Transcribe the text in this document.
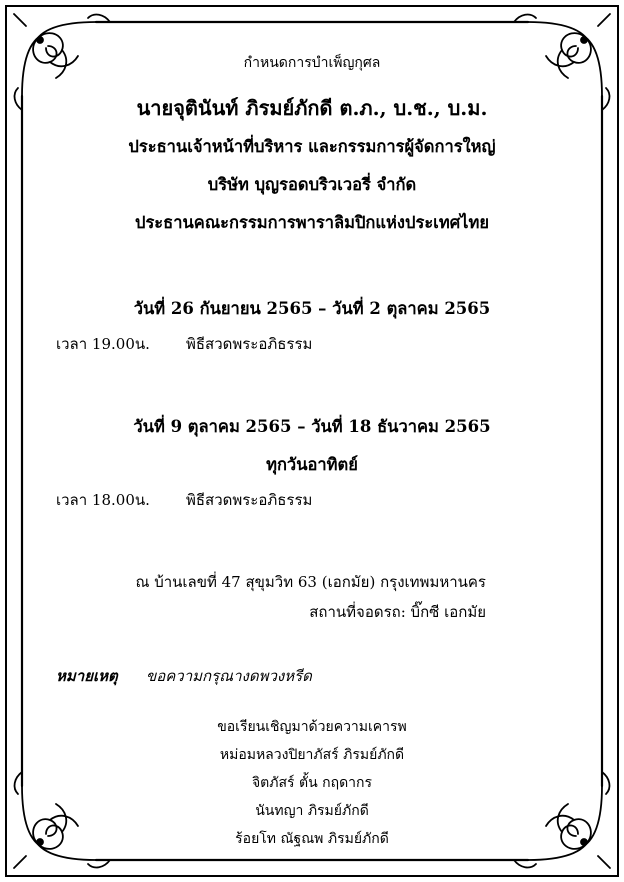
กำหนดการบำเพ็ญกุศล
นายจุตินันท์ ภิรมย์ภักดี ต.ภ., บ.ช., บ.ม.
ประธานเจ้าหน้าที่บริหาร และกรรมการผู้จัดการใหญ่
บริษัท บุญรอดบริวเวอรี่ จำกัด
ประธานคณะกรรมการพาราลิมปิกแห่งประเทศไทย
วันที่ 26 กันยายน 2565 – วันที่ 2 ตุลาคม 2565
เวลา 19.00น. พิธีสวดพระอภิธรรม
วันที่ 9 ตุลาคม 2565 – วันที่ 18 ธันวาคม 2565
ทุกวันอาทิตย์
เวลา 18.00น. พิธีสวดพระอภิธรรม
ณ บ้านเลขที่ 47 สุขุมวิท 63 (เอกมัย) กรุงเทพมหานคร
สถานที่จอดรถ: บิ๊กซี เอกมัย
หมายเหตุ ขอความกรุณางดพวงหรีด
ขอเรียนเชิญมาด้วยความเคารพ
หม่อมหลวงปิยาภัสร์ ภิรมย์ภักดี
จิตภัสร์ ตั้น กฤดากร
นันทญา ภิรมย์ภักดี
ร้อยโท ณัฐณพ ภิรมย์ภักดี
